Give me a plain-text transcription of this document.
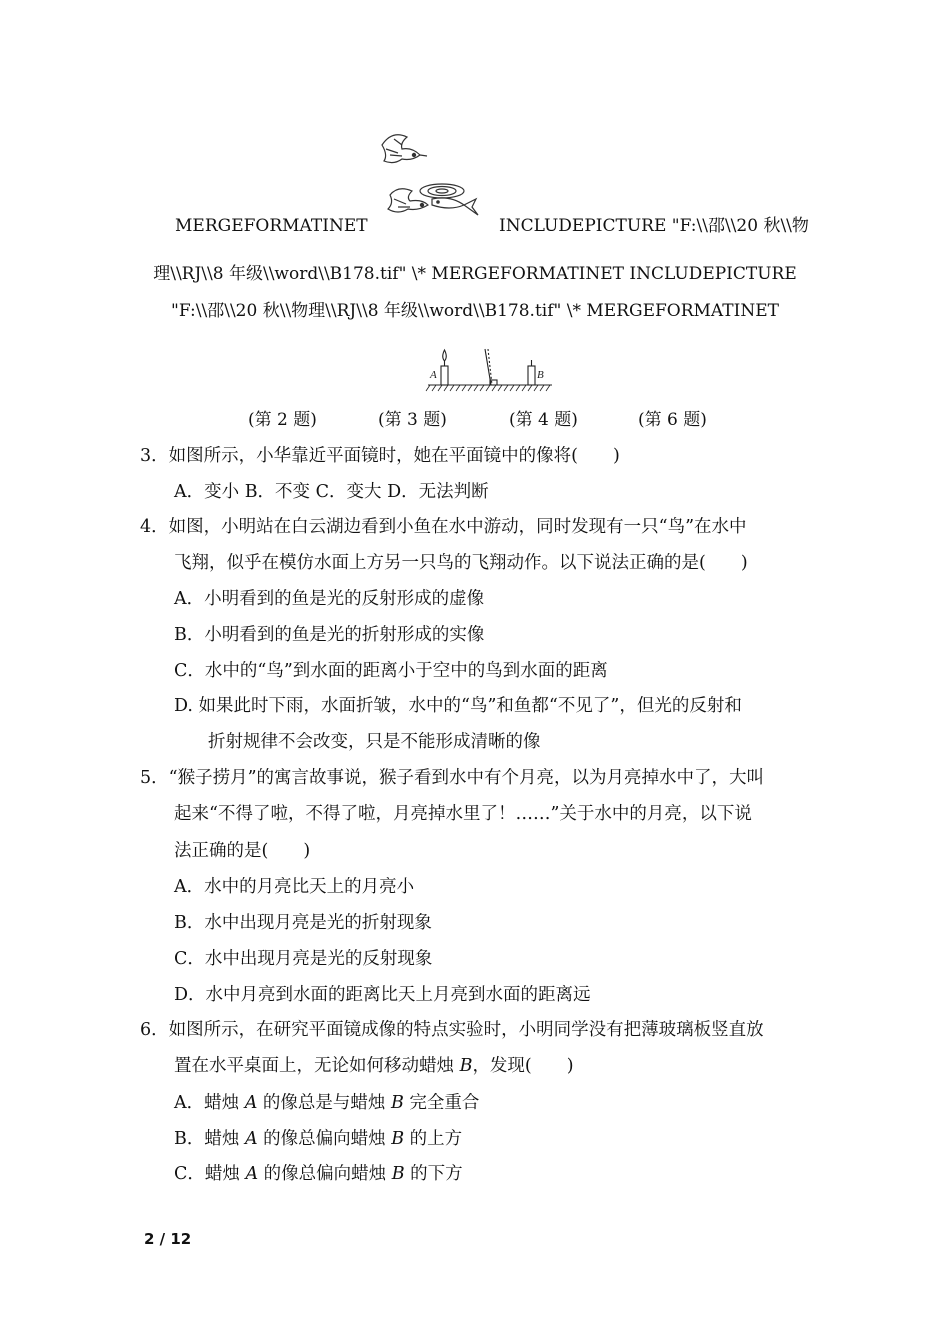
MERGEFORMATINET	INCLUDEPICTURE "F:\\邵\\20 秋\\物
理\\RJ\\8 年级\\word\\B178.tif" \* MERGEFORMATINET INCLUDEPICTURE
"F:\\邵\\20 秋\\物理\\RJ\\8 年级\\word\\B178.tif" \* MERGEFORMATINET
A	B
(第 2 题)	(第 3 题)	(第 4 题)	(第 6 题)
3．如图所示，小华靠近平面镜时，她在平面镜中的像将(　　)
A．变小 B．不变 C．变大 D．无法判断
4．如图，小明站在白云湖边看到小鱼在水中游动，同时发现有一只“鸟”在水中
飞翔，似乎在模仿水面上方另一只鸟的飞翔动作。以下说法正确的是(　　)
A．小明看到的鱼是光的反射形成的虚像
B．小明看到的鱼是光的折射形成的实像
C．水中的“鸟”到水面的距离小于空中的鸟到水面的距离
D. 如果此时下雨，水面折皱，水中的“鸟”和鱼都“不见了”，但光的反射和
折射规律不会改变，只是不能形成清晰的像
5．“猴子捞月”的寓言故事说，猴子看到水中有个月亮，以为月亮掉水中了，大叫
起来“不得了啦，不得了啦，月亮掉水里了！……”关于水中的月亮，以下说
法正确的是(　　)
A．水中的月亮比天上的月亮小
B．水中出现月亮是光的折射现象
C．水中出现月亮是光的反射现象
D．水中月亮到水面的距离比天上月亮到水面的距离远
6．如图所示，在研究平面镜成像的特点实验时，小明同学没有把薄玻璃板竖直放
置在水平桌面上，无论如何移动蜡烛 B，发现(　　)
A．蜡烛 A 的像总是与蜡烛 B 完全重合
B．蜡烛 A 的像总偏向蜡烛 B 的上方
C．蜡烛 A 的像总偏向蜡烛 B 的下方
2 / 12
